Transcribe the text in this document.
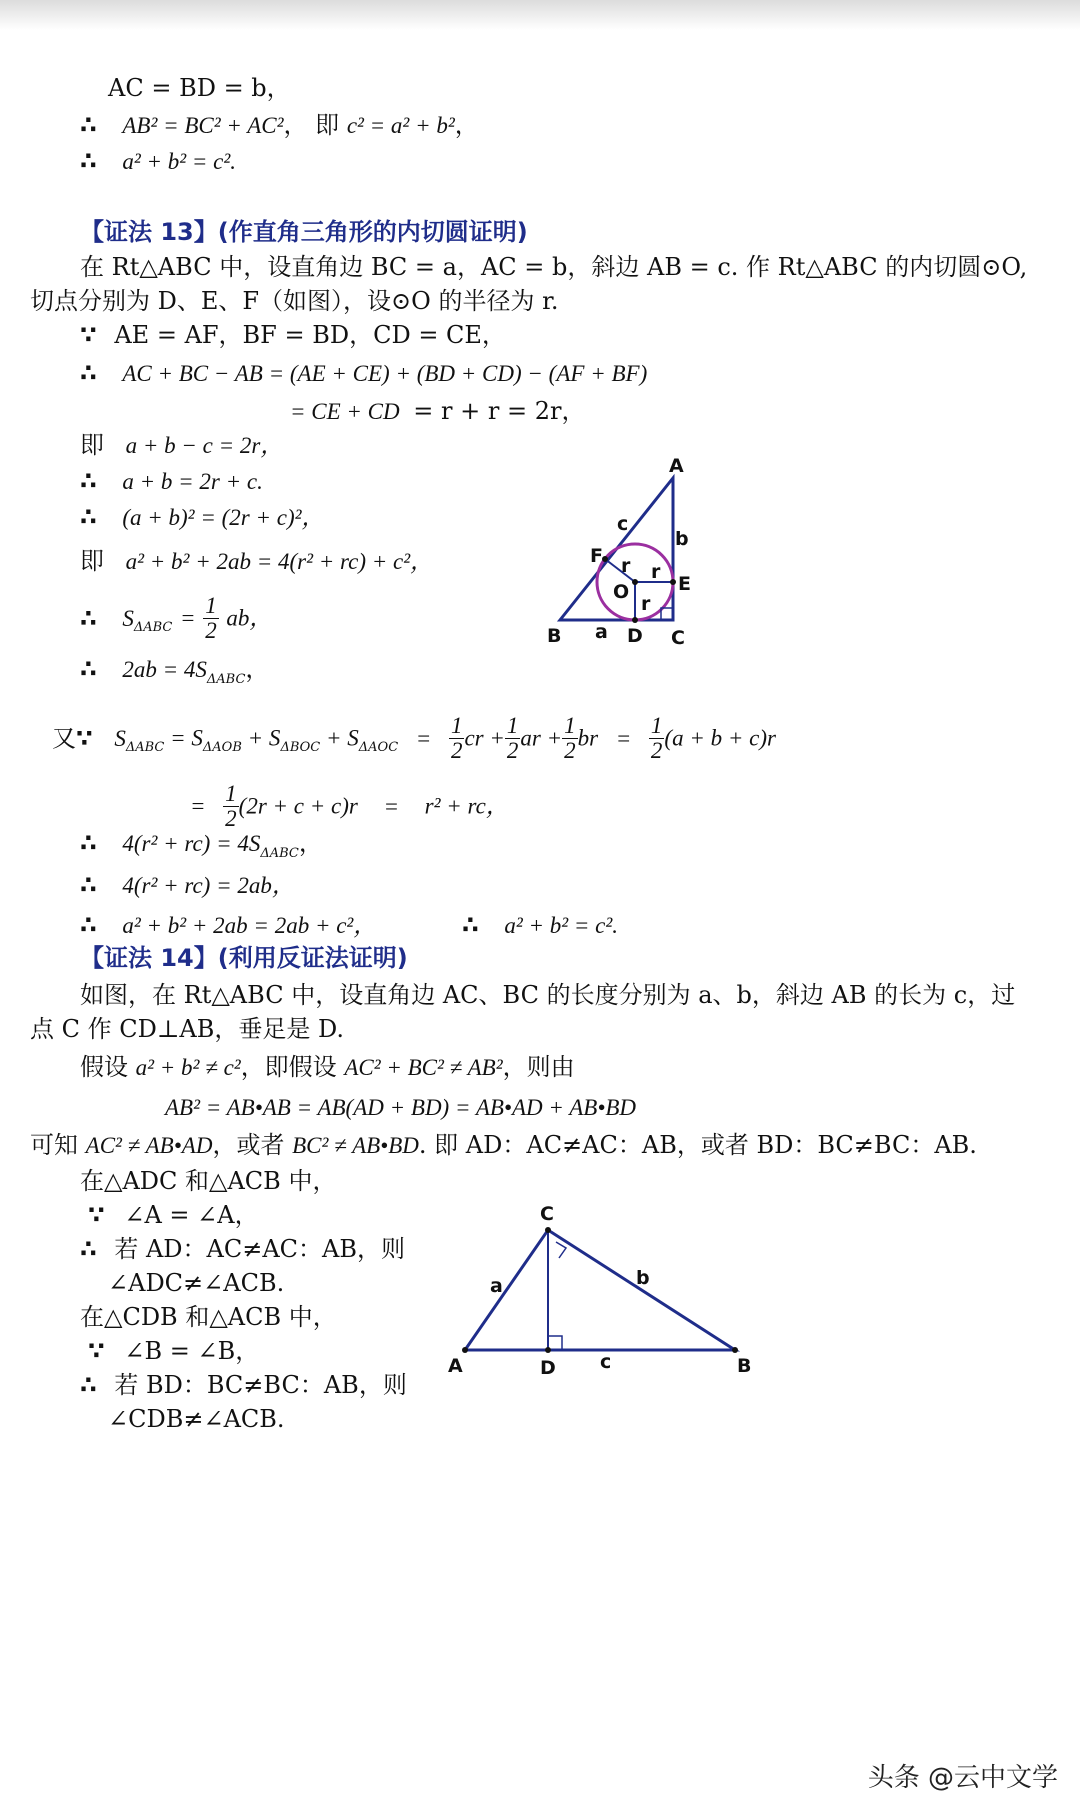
AC = BD = b，
∴ AB² = BC² + AC²， 即 c² = a² + b²，
∴ a² + b² = c².
【证法 13】(作直角三角形的内切圆证明)
在 Rt△ABC 中，设直角边 BC = a，AC = b，斜边 AB = c. 作 Rt△ABC 的内切圆⊙O,
切点分别为 D、E、F（如图），设⊙O 的半径为 r.
∵ AE = AF，BF = BD，CD = CE，
∴ AC + BC − AB = (AE + CE) + (BD + CD) − (AF + BF)
= CE + CD = r + r = 2r，
即 a + b − c = 2r，
∴ a + b = 2r + c.
∴ (a + b)² = (2r + c)²，
即 a² + b² + 2ab = 4(r² + rc) + c²，
∴ $S_{\Delta ABC} = \frac{1}{2}$ ab，
∴ $2ab = 4S_{\Delta ABC}$，
又∵ $S_{\Delta ABC} = S_{\Delta AOB} + S_{\Delta BOC} + S_{\Delta AOC} = \frac{1}{2}$ cr + $\frac{1}{2}$ ar + $\frac{1}{2}$ br = $\frac{1}{2} (a + b + c)r$
= $\frac{1}{2} (2r + c + c)r = r^2$ + rc，
∴ $4(r^2 + rc) = 4S_{\Delta ABC}$，
∴ 4(r² + rc) = 2ab，
∴ a² + b² + 2ab = 2ab + c²，	∴ a² + b² = c².
A
B	C
D
E
F
O
a
b
c
r r
r
【证法 14】(利用反证法证明)
如图，在 Rt△ABC 中，设直角边 AC、BC 的长度分别为 a、b，斜边 AB 的长为 c，过
点 C 作 CD⊥AB，垂足是 D.
假设 a² + b² ≠ c²，即假设 AC² + BC² ≠ AB²，则由
AB² = AB•AB = AB(AD + BD) = AB•AD + AB•BD
可知 AC² ≠ AB•AD，或者 BC² ≠ AB•BD. 即 AD：AC≠AC：AB，或者 BD：BC≠BC：AB.
在△ADC 和△ACB 中，
∵ ∠A = ∠A，
∴ 若 AD：AC≠AC：AB，则
∠ADC≠∠ACB.
在△CDB 和△ACB 中，
∵ ∠B = ∠B，
∴ 若 BD：BC≠BC：AB，则
∠CDB≠∠ACB.
A
C
D	B
a	b
c
头条 @云中文学
